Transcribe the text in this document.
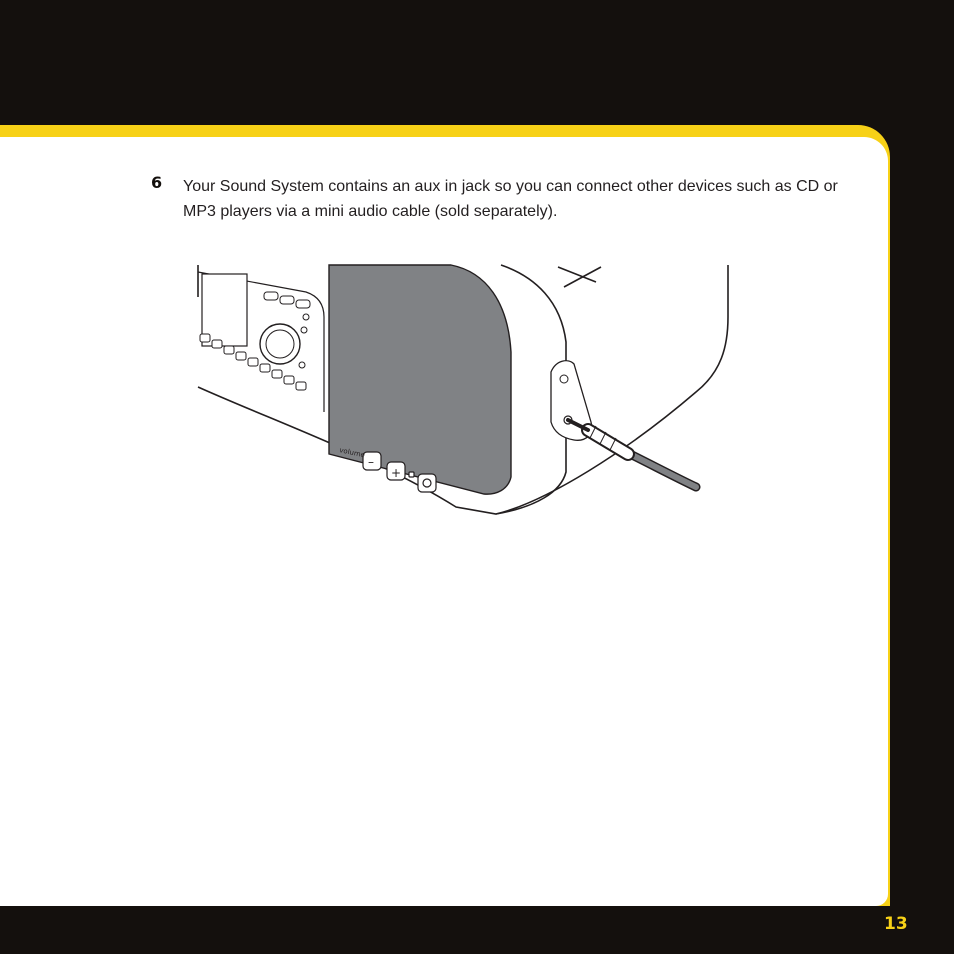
6 Your Sound System contains an aux in jack so you can connect other devices such as CD or MP3 players via a mini audio cable (sold separately).
volume
–
+
13
